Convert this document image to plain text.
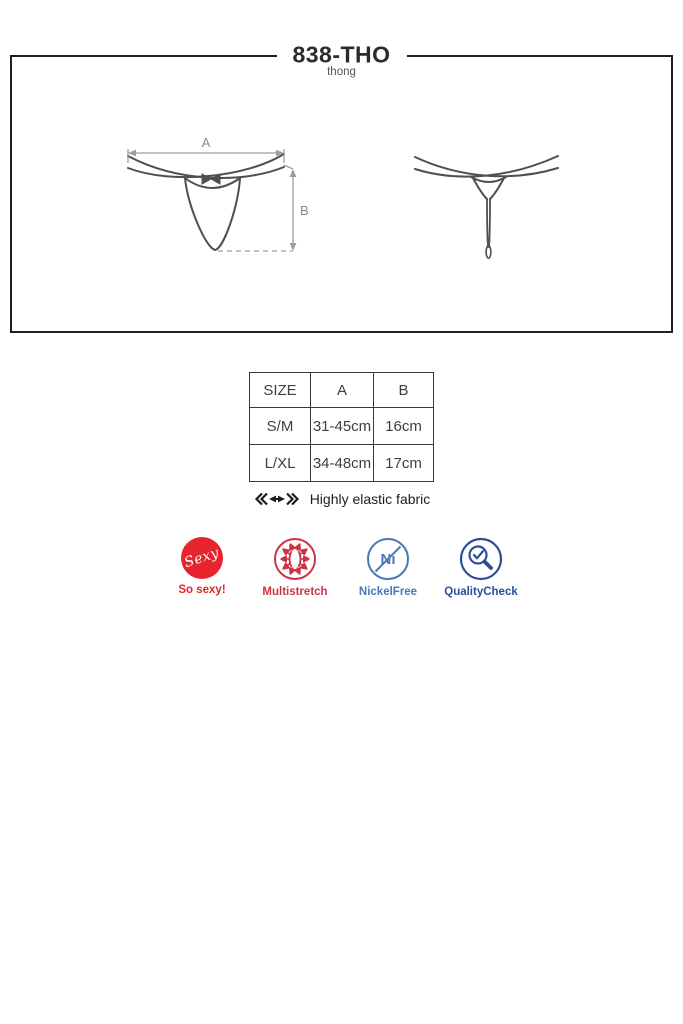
838-THO
thong
A
B
SIZE	A	B
S/M	31-45cm	16cm
L/XL	34-48cm	17cm
Highly elastic fabric
Sexy
So sexy!	Multistretch
Ni
NickelFree QualityCheck
